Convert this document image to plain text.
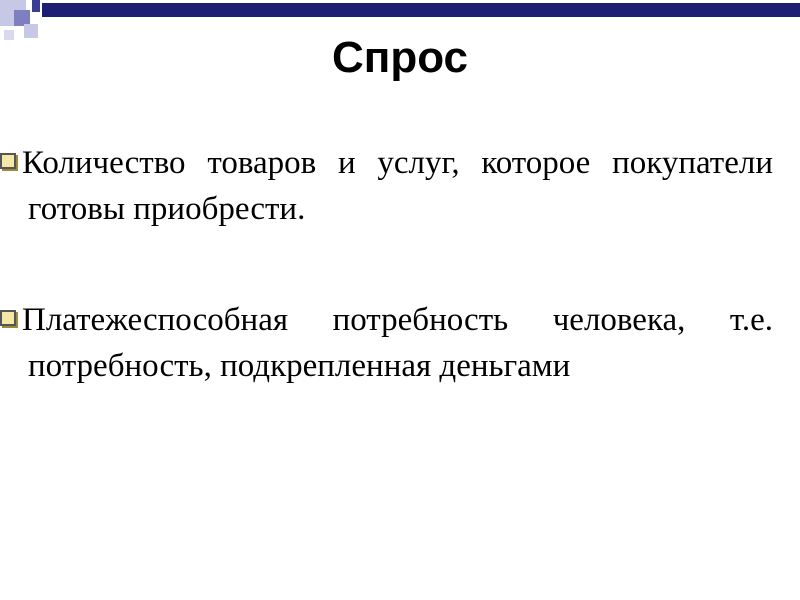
Спрос
Количество товаров и услуг, которое покупатели готовы приобрести.
Платежеспособная потребность человека, т.е. потребность, подкрепленная деньгами
